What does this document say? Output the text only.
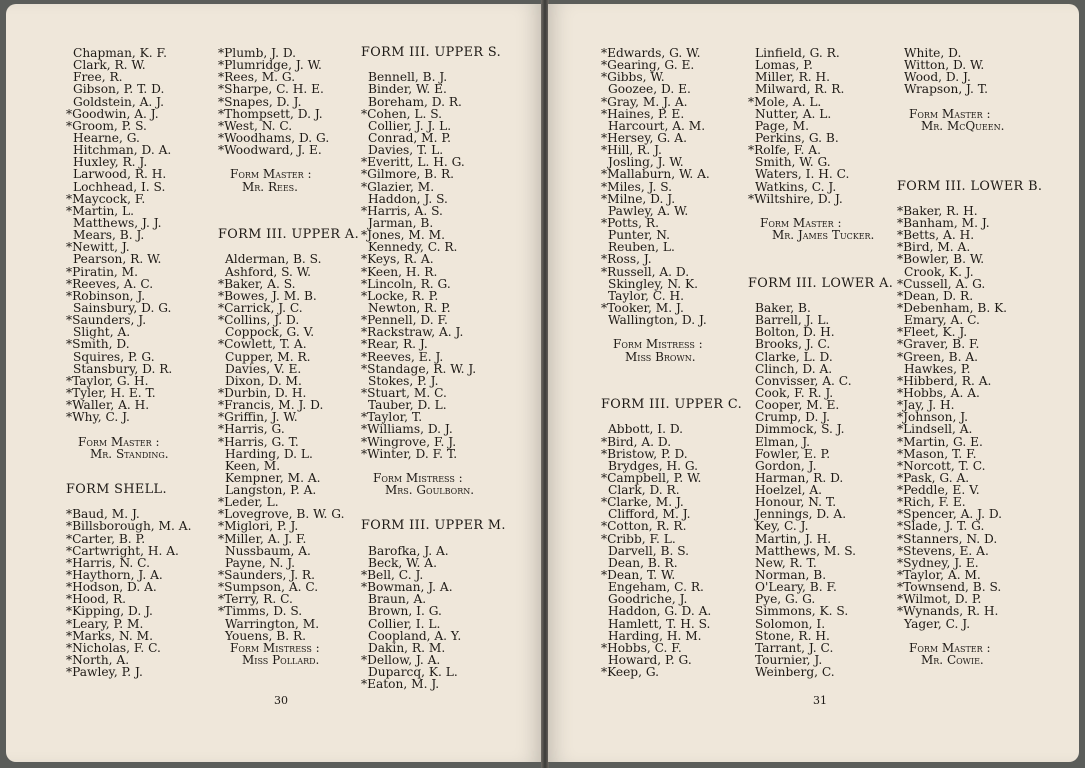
Chapman, K. F.
Clark, R. W.
Free, R.
Gibson, P. T. D.
Goldstein, A. J.
*Goodwin, A. J.
*Groom, P. S.
Hearne, G.
Hitchman, D. A.
Huxley, R. J.
Larwood, R. H.
Lochhead, I. S.
*Maycock, F.
*Martin, L.
Matthews, J. J.
Mears, B. J.
*Newitt, J.
Pearson, R. W.
*Piratin, M.
*Reeves, A. C.
*Robinson, J.
Sainsbury, D. G.
*Saunders, J.
Slight, A.
*Smith, D.
Squires, P. G.
Stansbury, D. R.
*Taylor, G. H.
*Tyler, H. E. T.
*Waller, A. H.
*Why, C. J.
Form Master :
Mr. Standing.
FORM SHELL.
*Baud, M. J.
*Billsborough, M. A.
*Carter, B. P.
*Cartwright, H. A.
*Harris, N. C.
*Haythorn, J. A.
*Hodson, D. A.
*Hood, R.
*Kipping, D. J.
*Leary, P. M.
*Marks, N. M.
*Nicholas, F. C.
*North, A.
*Pawley, P. J.
*Plumb, J. D.
*Plumridge, J. W.
*Rees, M. G.
*Sharpe, C. H. E.
*Snapes, D. J.
*Thompsett, D. J.
*West, N. C.
*Woodhams, D. G.
*Woodward, J. E.
Form Master :
Mr. Rees.
FORM III. UPPER A.
Alderman, B. S.
Ashford, S. W.
*Baker, A. S.
*Bowes, J. M. B.
*Carrick, J. C.
*Collins, J. D.
Coppock, G. V.
*Cowlett, T. A.
Cupper, M. R.
Davies, V. E.
Dixon, D. M.
*Durbin, D. H.
*Francis, M. J. D.
*Griffin, J. W.
*Harris, G.
*Harris, G. T.
Harding, D. L.
Keen, M.
Kempner, M. A.
Langston, P. A.
*Leder, L.
*Lovegrove, B. W. G.
*Miglori, P. J.
*Miller, A. J. F.
Nussbaum, A.
Payne, N. J.
*Saunders, J. R.
*Sumpson, A. C.
*Terry, R. C.
*Timms, D. S.
Warrington, M.
Youens, B. R.
Form Mistress :
Miss Pollard.
FORM III. UPPER S.
Bennell, B. J.
Binder, W. E.
Boreham, D. R.
*Cohen, L. S.
Collier, J. J. L.
Conrad, M. P.
Davies, T. L.
*Everitt, L. H. G.
*Gilmore, B. R.
*Glazier, M.
Haddon, J. S.
*Harris, A. S.
Jarman, B.
*Jones, M. M.
Kennedy, C. R.
*Keys, R. A.
*Keen, H. R.
*Lincoln, R. G.
*Locke, R. P.
Newton, R. P.
*Pennell, D. F.
*Rackstraw, A. J.
*Rear, R. J.
*Reeves, E. J.
*Standage, R. W. J.
Stokes, P. J.
*Stuart, M. C.
Tauber, D. L.
*Taylor, T.
*Williams, D. J.
*Wingrove, F. J.
*Winter, D. F. T.
Form Mistress :
Mrs. Goulborn.
FORM III. UPPER M.
Barofka, J. A.
Beck, W. A.
*Bell, C. J.
*Bowman, J. A.
Braun, A.
Brown, I. G.
Collier, I. L.
Coopland, A. Y.
Dakin, R. M.
*Dellow, J. A.
Duparcq, K. L.
*Eaton, M. J.
30
*Edwards, G. W.
*Gearing, G. E.
*Gibbs, W.
Goozee, D. E.
*Gray, M. J. A.
*Haines, P. E.
Harcourt, A. M.
*Hersey, G. A.
*Hill, R. J.
Josling, J. W.
*Mallaburn, W. A.
*Miles, J. S.
*Milne, D. J.
Pawley, A. W.
*Potts, R.
Punter, N.
Reuben, L.
*Ross, J.
*Russell, A. D.
Skingley, N. K.
Taylor, C. H.
*Tooker, M. J.
Wallington, D. J.
Form Mistress :
Miss Brown.
FORM III. UPPER C.
Abbott, I. D.
*Bird, A. D.
*Bristow, P. D.
Brydges, H. G.
*Campbell, P. W.
Clark, D. R.
*Clarke, M. J.
Clifford, M. J.
*Cotton, R. R.
*Cribb, F. L.
Darvell, B. S.
Dean, B. R.
*Dean, T. W.
Engeham, C. R.
Goodriche, J.
Haddon, G. D. A.
Hamlett, T. H. S.
Harding, H. M.
*Hobbs, C. F.
Howard, P. G.
*Keep, G.
Linfield, G. R.
Lomas, P.
Miller, R. H.
Milward, R. R.
*Mole, A. L.
Nutter, A. L.
Page, M.
Perkins, G. B.
*Rolfe, F. A.
Smith, W. G.
Waters, I. H. C.
Watkins, C. J.
*Wiltshire, D. J.
Form Master :
Mr. James Tucker.
FORM III. LOWER A.
Baker, B.
Barrell, J. L.
Bolton, D. H.
Brooks, J. C.
Clarke, L. D.
Clinch, D. A.
Convisser, A. C.
Cook, F. R. J.
Cooper, M. E.
Crump, D. J.
Dimmock, S. J.
Elman, J.
Fowler, E. P.
Gordon, J.
Harman, R. D.
Hoelzel, A.
Honour, N. T.
Jennings, D. A.
Key, C. J.
Martin, J. H.
Matthews, M. S.
New, R. T.
Norman, B.
O'Leary, B. F.
Pye, G. G.
Simmons, K. S.
Solomon, I.
Stone, R. H.
Tarrant, J. C.
Tournier, J.
Weinberg, C.
White, D.
Witton, D. W.
Wood, D. J.
Wrapson, J. T.
Form Master :
Mr. McQueen.
FORM III. LOWER B.
*Baker, R. H.
*Banham, M. J.
*Betts, A. H.
*Bird, M. A.
*Bowler, B. W.
Crook, K. J.
*Cussell, A. G.
*Dean, D. R.
*Debenham, B. K.
Emary, A. C.
*Fleet, K. J.
*Graver, B. F.
*Green, B. A.
Hawkes, P.
*Hibberd, R. A.
*Hobbs, A. A.
*Jay, J. H.
*Johnson, J.
*Lindsell, A.
*Martin, G. E.
*Mason, T. F.
*Norcott, T. C.
*Pask, G. A.
*Peddle, E. V.
*Rich, F. E.
*Spencer, A. J. D.
*Slade, J. T. G.
*Stanners, N. D.
*Stevens, E. A.
*Sydney, J. E.
*Taylor, A. M.
*Townsend, B. S.
*Wilmot, D. P.
*Wynands, R. H.
Yager, C. J.
Form Master :
Mr. Cowie.
31
